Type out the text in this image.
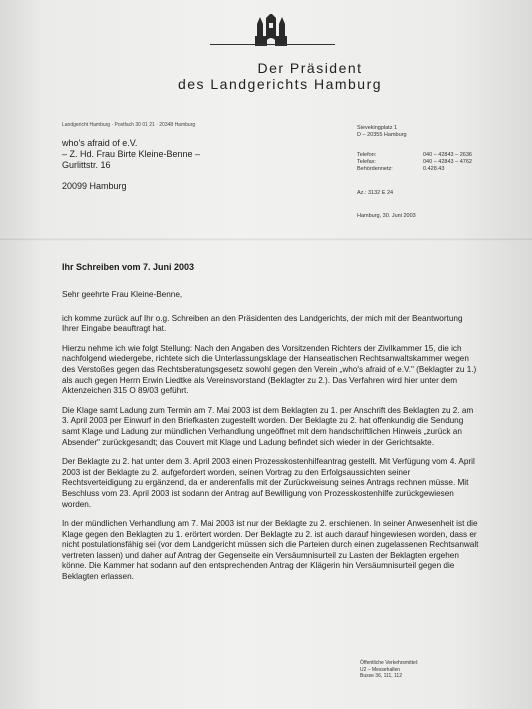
Der Präsident
des Landgerichts Hamburg
Landgericht Hamburg · Postfach 30 01 21 · 20348 Hamburg
who's afraid of e.V.
– Z. Hd. Frau Birte Kleine-Benne –
Gurlittstr. 16
20099 Hamburg
Sievekingplatz 1
D – 20355 Hamburg
Telefon:
Telefax:
Behördennetz:
040 – 42843 – 2636
040 – 42843 – 4762
0.428.43
Az.: 3132 E 24
Hamburg, 30. Juni 2003
Ihr Schreiben vom 7. Juni 2003

Sehr geehrte Frau Kleine-Benne,

ich komme zurück auf Ihr o.g. Schreiben an den Präsidenten des Landgerichts, der mich mit der Beantwortung Ihrer Eingabe beauftragt hat.

Hierzu nehme ich wie folgt Stellung: Nach den Angaben des Vorsitzenden Richters der Zivilkammer 15, die ich nachfolgend wiedergebe, richtete sich die Unterlassungsklage der Hanseatischen Rechtsanwaltskammer wegen des Verstoßes gegen das Rechtsberatungsgesetz sowohl gegen den Verein „who's afraid of e.V." (Beklagter zu 1.) als auch gegen Herrn Erwin Liedtke als Vereinsvorstand (Beklagter zu 2.). Das Verfahren wird hier unter dem Aktenzeichen 315 O 89/03 geführt.

Die Klage samt Ladung zum Termin am 7. Mai 2003 ist dem Beklagten zu 1. per Anschrift des Beklagten zu 2. am 3. April 2003 per Einwurf in den Briefkasten zugestellt worden. Der Beklagte zu 2. hat offenkundig die Sendung samt Klage und Ladung zur mündlichen Verhandlung ungeöffnet mit dem handschriftlichen Hinweis „zurück an Absender" zurückgesandt; das Couvert mit Klage und Ladung befindet sich wieder in der Gerichtsakte.

Der Beklagte zu 2. hat unter dem 3. April 2003 einen Prozesskostenhilfeantrag gestellt. Mit Verfügung vom 4. April 2003 ist der Beklagte zu 2. aufgefordert worden, seinen Vortrag zu den Erfolgsaussichten seiner Rechtsverteidigung zu ergänzend, da er anderenfalls mit der Zurückweisung seines Antrags rechnen müsse. Mit Beschluss vom 23. April 2003 ist sodann der Antrag auf Bewilligung von Prozesskostenhilfe zurückgewiesen worden.

In der mündlichen Verhandlung am 7. Mai 2003 ist nur der Beklagte zu 2. erschienen. In seiner Anwesenheit ist die Klage gegen den Beklagten zu 1. erörtert worden. Der Beklagte zu 2. ist auch darauf hingewiesen worden, dass er nicht postulationsfähig sei (vor dem Landgericht müssen sich die Parteien durch einen zugelassenen Rechtsanwalt vertreten lassen) und daher auf Antrag der Gegenseite ein Versäumnisurteil zu Lasten der Beklagten ergehen könne. Die Kammer hat sodann auf den entsprechenden Antrag der Klägerin hin Versäumnisurteil gegen die Beklagten erlassen.

Öffentliche Verkehrsmittel:
U2 – Messehallen
Busse 36, 111, 112
